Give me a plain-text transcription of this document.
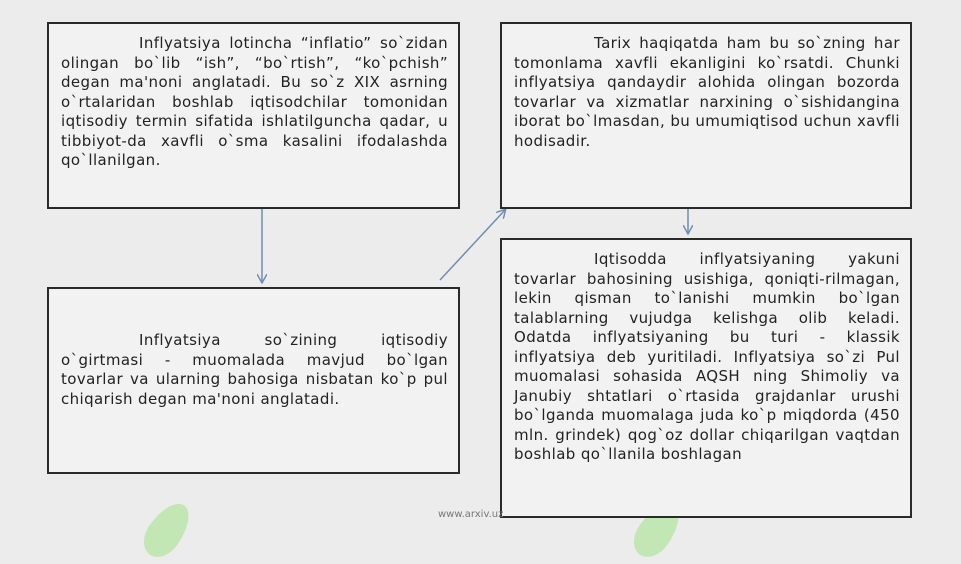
Inflyatsiya lotincha “inflatio” so`zidan olingan bo`lib “ish”, “bo`rtish”, “ko`pchish” degan ma'noni anglatadi. Bu so`z XIX asrning o`rtalaridan boshlab iqtisodchilar tomonidan iqtisodiy termin sifatida ishlatilguncha qadar, u tibbiyot-da xavfli o`sma kasalini ifodalashda qo`llanilgan.

Inflyatsiya so`zining iqtisodiy o`girtmasi - muomalada mavjud bo`lgan tovarlar va ularning bahosiga nisbatan ko`p pul chiqarish degan ma'noni anglatadi.

Tarix haqiqatda ham bu so`zning har tomonlama xavfli ekanligini ko`rsatdi. Chunki inflyatsiya qandaydir alohida olingan bozorda tovarlar va xizmatlar narxining o`sishidangina iborat bo`lmasdan, bu umumiqtisod uchun xavfli hodisadir.

Iqtisodda inflyatsiyaning yakuni tovarlar bahosining usishiga, qoniqti-rilmagan, lekin qisman to`lanishi mumkin bo`lgan talablarning vujudga kelishga olib keladi. Odatda inflyatsiyaning bu turi - klassik inflyatsiya deb yuritiladi. Inflyatsiya so`zi Pul muomalasi sohasida AQSH ning Shimoliy va Janubiy shtatlari o`rtasida grajdanlar urushi bo`lganda muomalaga juda ko`p miqdorda (450 mln. grindek) qog`oz dollar chiqarilgan vaqtdan boshlab qo`llanila boshlagan

www.arxiv.uz
